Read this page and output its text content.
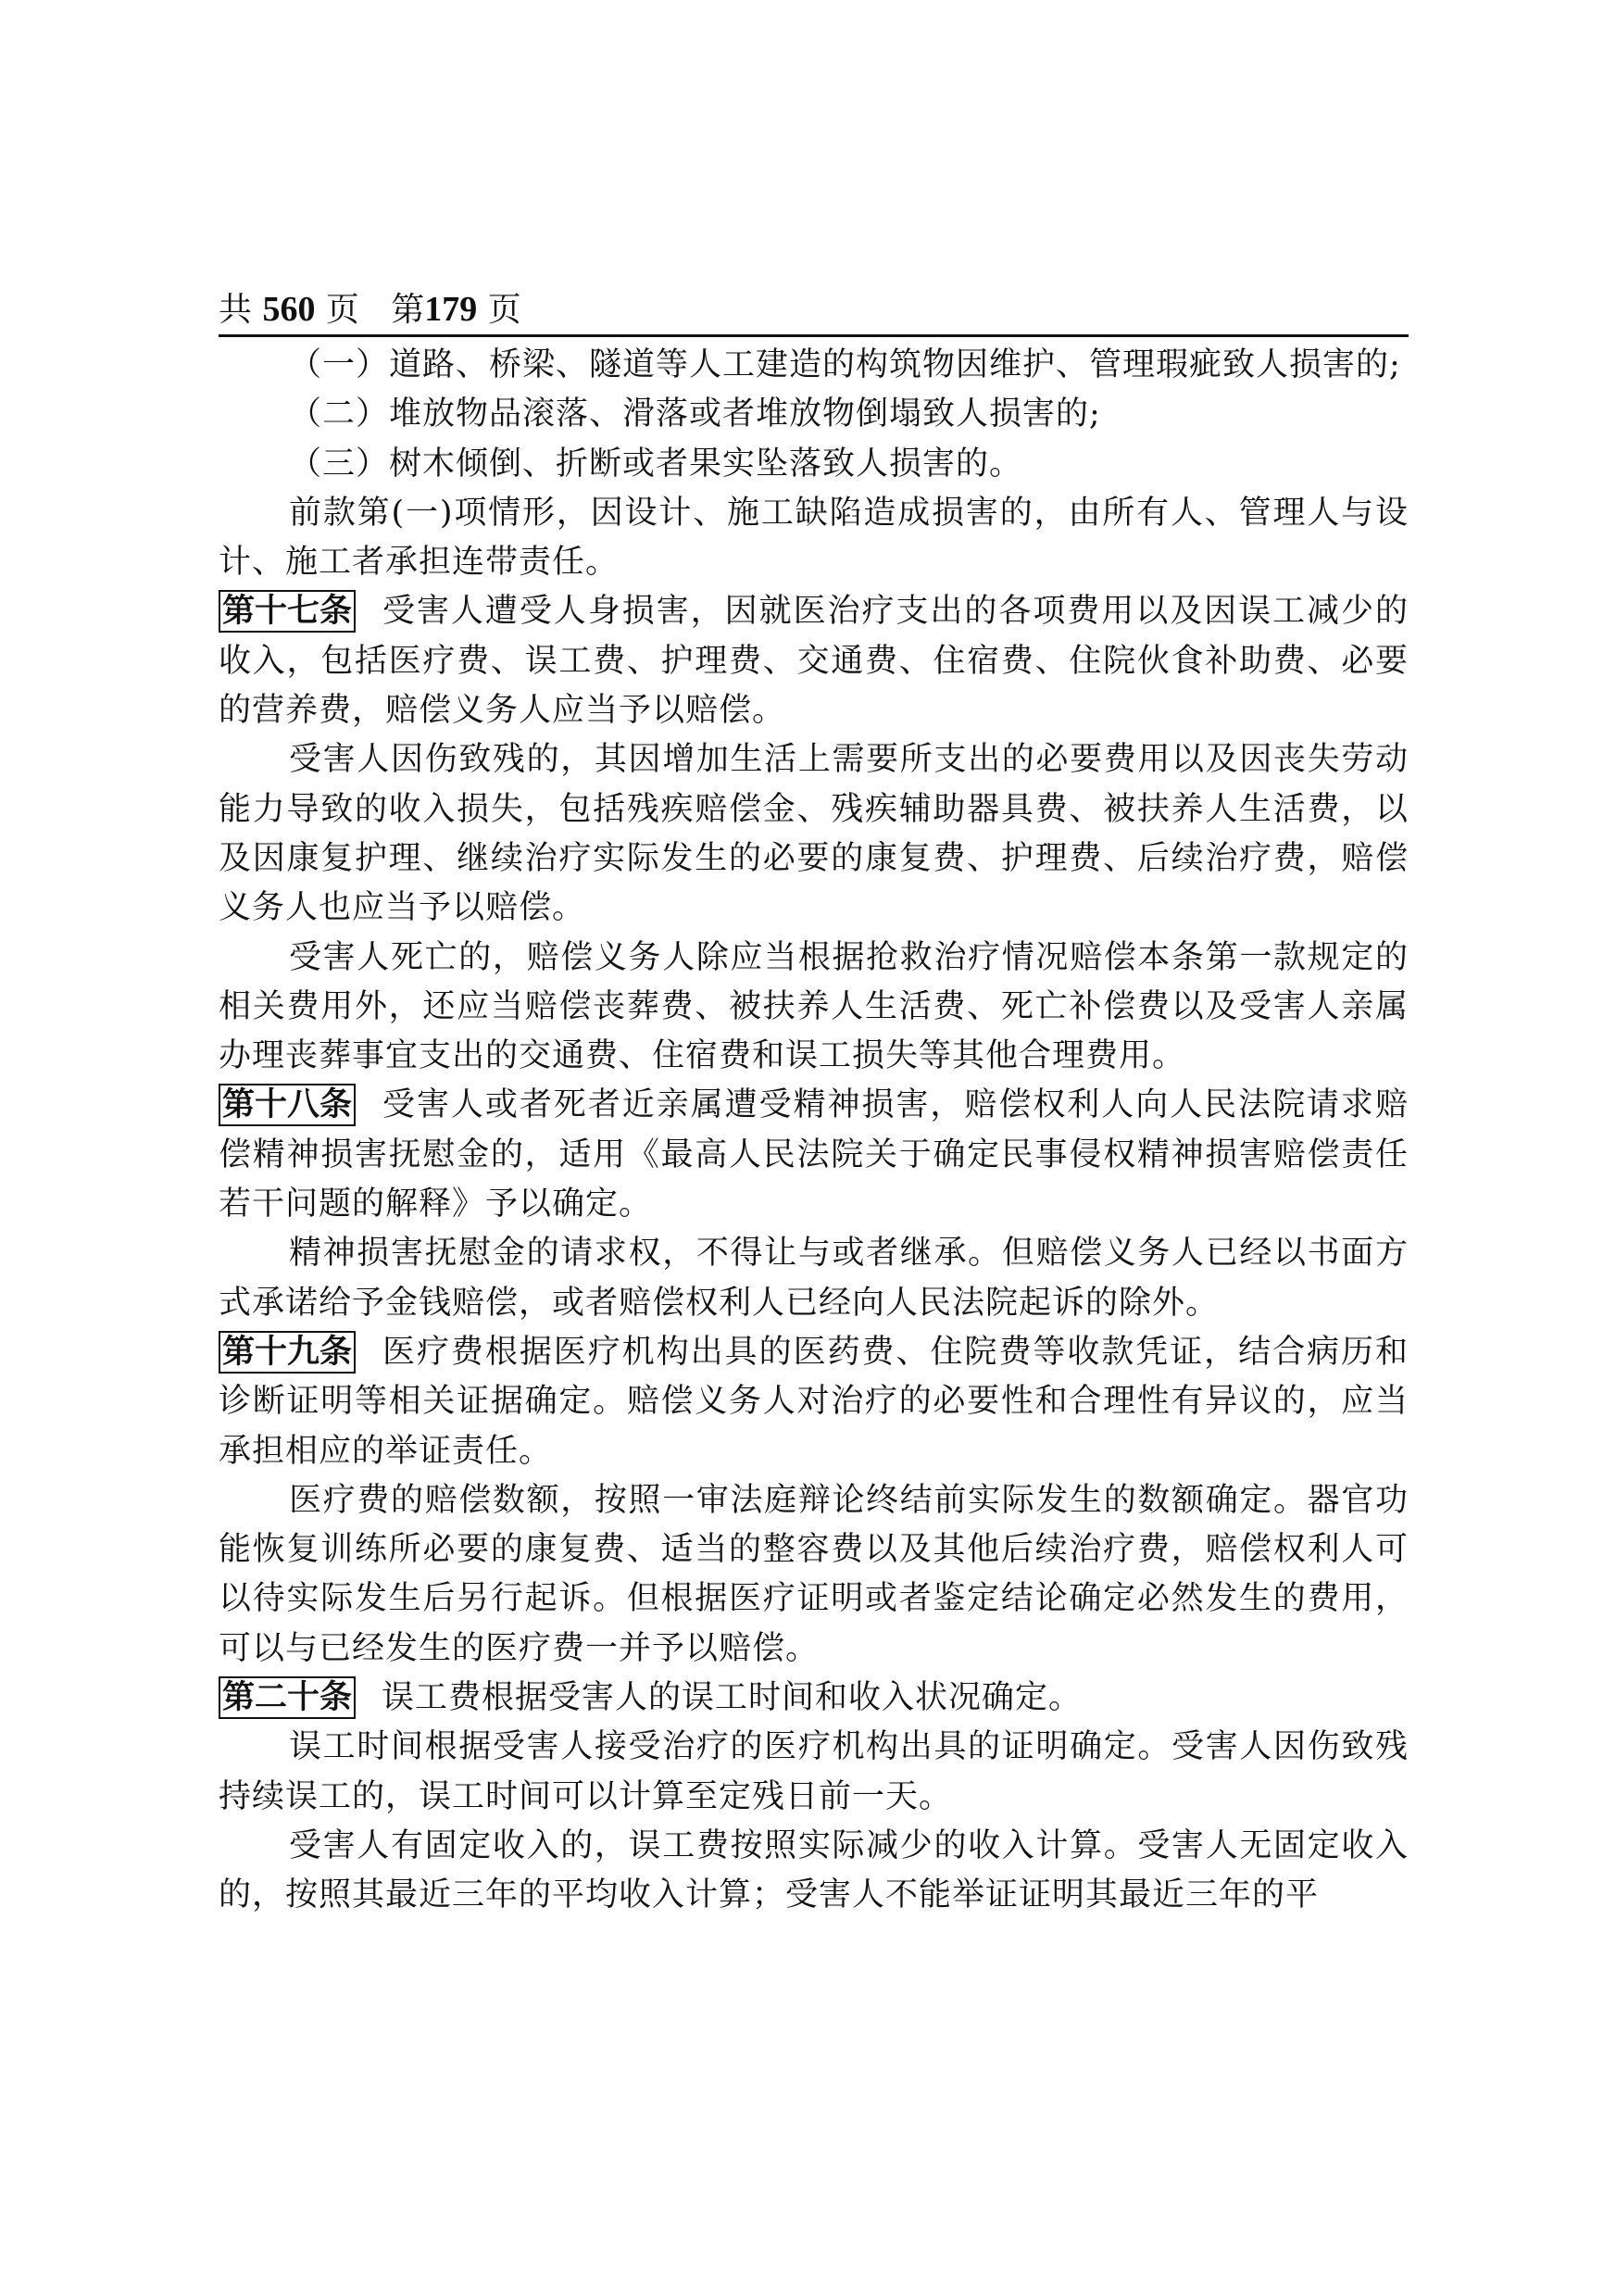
共 560 页 第179 页

（一）道路、桥梁、隧道等人工建造的构筑物因维护、管理瑕疵致人损害的;

（二）堆放物品滚落、滑落或者堆放物倒塌致人损害的;

（三）树木倾倒、折断或者果实坠落致人损害的。

前款第(一)项情形，因设计、施工缺陷造成损害的，由所有人、管理人与设计、施工者承担连带责任。

第十七条 受害人遭受人身损害，因就医治疗支出的各项费用以及因误工减少的收入，包括医疗费、误工费、护理费、交通费、住宿费、住院伙食补助费、必要的营养费，赔偿义务人应当予以赔偿。

受害人因伤致残的，其因增加生活上需要所支出的必要费用以及因丧失劳动能力导致的收入损失，包括残疾赔偿金、残疾辅助器具费、被扶养人生活费，以及因康复护理、继续治疗实际发生的必要的康复费、护理费、后续治疗费，赔偿义务人也应当予以赔偿。

受害人死亡的，赔偿义务人除应当根据抢救治疗情况赔偿本条第一款规定的相关费用外，还应当赔偿丧葬费、被扶养人生活费、死亡补偿费以及受害人亲属办理丧葬事宜支出的交通费、住宿费和误工损失等其他合理费用。

第十八条 受害人或者死者近亲属遭受精神损害，赔偿权利人向人民法院请求赔偿精神损害抚慰金的，适用《最高人民法院关于确定民事侵权精神损害赔偿责任若干问题的解释》予以确定。

精神损害抚慰金的请求权，不得让与或者继承。但赔偿义务人已经以书面方式承诺给予金钱赔偿，或者赔偿权利人已经向人民法院起诉的除外。

第十九条 医疗费根据医疗机构出具的医药费、住院费等收款凭证，结合病历和诊断证明等相关证据确定。赔偿义务人对治疗的必要性和合理性有异议的，应当承担相应的举证责任。

医疗费的赔偿数额，按照一审法庭辩论终结前实际发生的数额确定。器官功能恢复训练所必要的康复费、适当的整容费以及其他后续治疗费，赔偿权利人可以待实际发生后另行起诉。但根据医疗证明或者鉴定结论确定必然发生的费用，可以与已经发生的医疗费一并予以赔偿。

第二十条 误工费根据受害人的误工时间和收入状况确定。

误工时间根据受害人接受治疗的医疗机构出具的证明确定。受害人因伤致残持续误工的，误工时间可以计算至定残日前一天。

受害人有固定收入的，误工费按照实际减少的收入计算。受害人无固定收入的，按照其最近三年的平均收入计算；受害人不能举证证明其最近三年的平
